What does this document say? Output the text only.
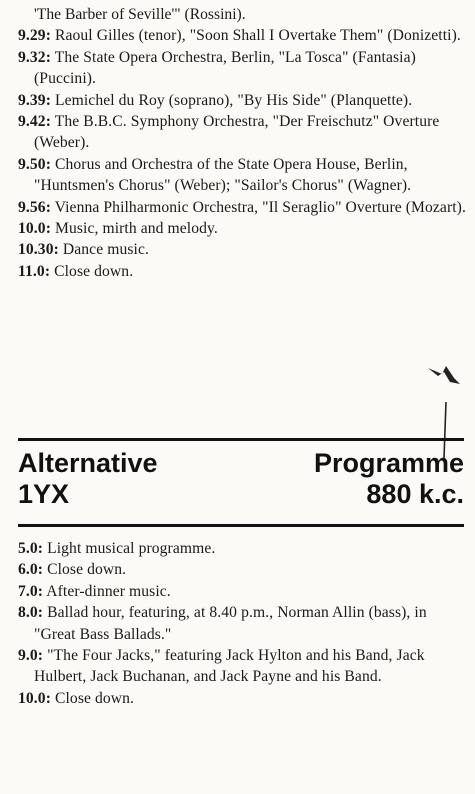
'The Barber of Seville'" (Rossini).

9.29: Raoul Gilles (tenor), "Soon Shall I Overtake Them" (Donizetti).

9.32: The State Opera Orchestra, Berlin, "La Tosca" (Fantasia) (Puccini).

9.39: Lemichel du Roy (soprano), "By His Side" (Planquette).

9.42: The B.B.C. Symphony Orchestra, "Der Freischutz" Overture (Weber).

9.50: Chorus and Orchestra of the State Opera House, Berlin, "Huntsmen's Chorus" (Weber); "Sailor's Chorus" (Wagner).

9.56: Vienna Philharmonic Orchestra, "Il Seraglio" Overture (Mozart).

10.0: Music, mirth and melody.

10.30: Dance music.

11.0: Close down.

Alternative	Programme
1YX	880 k.c.

5.0: Light musical programme.

6.0: Close down.

7.0: After-dinner music.

8.0: Ballad hour, featuring, at 8.40 p.m., Norman Allin (bass), in "Great Bass Ballads."

9.0: "The Four Jacks," featuring Jack Hylton and his Band, Jack Hulbert, Jack Buchanan, and Jack Payne and his Band.

10.0: Close down.
